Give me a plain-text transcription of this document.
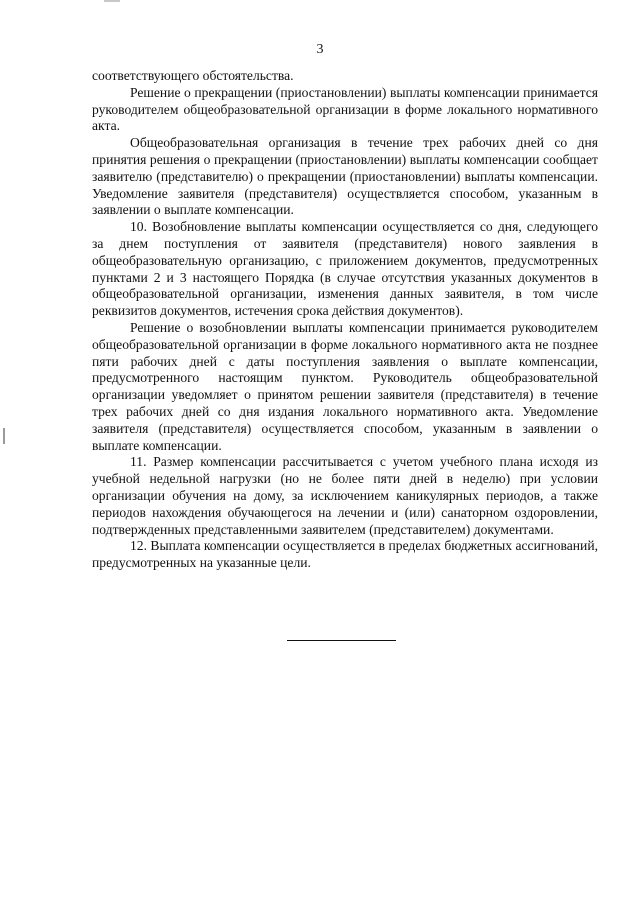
3

соответствующего обстоятельства.

Решение о прекращении (приостановлении) выплаты компенсации принимается руководителем общеобразовательной организации в форме локального нормативного акта.

Общеобразовательная организация в течение трех рабочих дней со дня принятия решения о прекращении (приостановлении) выплаты компенсации сообщает заявителю (представителю) о прекращении (приостановлении) выплаты компенсации. Уведомление заявителя (представителя) осуществляется способом, указанным в заявлении о выплате компенсации.

10. Возобновление выплаты компенсации осуществляется со дня, следующего за днем поступления от заявителя (представителя) нового заявления в общеобразовательную организацию, с приложением документов, предусмотренных пунктами 2 и 3 настоящего Порядка (в случае отсутствия указанных документов в общеобразовательной организации, изменения данных заявителя, в том числе реквизитов документов, истечения срока действия документов).

Решение о возобновлении выплаты компенсации принимается руководителем общеобразовательной организации в форме локального нормативного акта не позднее пяти рабочих дней с даты поступления заявления о выплате компенсации, предусмотренного настоящим пунктом. Руководитель общеобразовательной организации уведомляет о принятом решении заявителя (представителя) в течение трех рабочих дней со дня издания локального нормативного акта. Уведомление заявителя (представителя) осуществляется способом, указанным в заявлении о выплате компенсации.

11. Размер компенсации рассчитывается с учетом учебного плана исходя из учебной недельной нагрузки (но не более пяти дней в неделю) при условии организации обучения на дому, за исключением каникулярных периодов, а также периодов нахождения обучающегося на лечении и (или) санаторном оздоровлении, подтвержденных представленными заявителем (представителем) документами.

12. Выплата компенсации осуществляется в пределах бюджетных ассигнований, предусмотренных на указанные цели.
